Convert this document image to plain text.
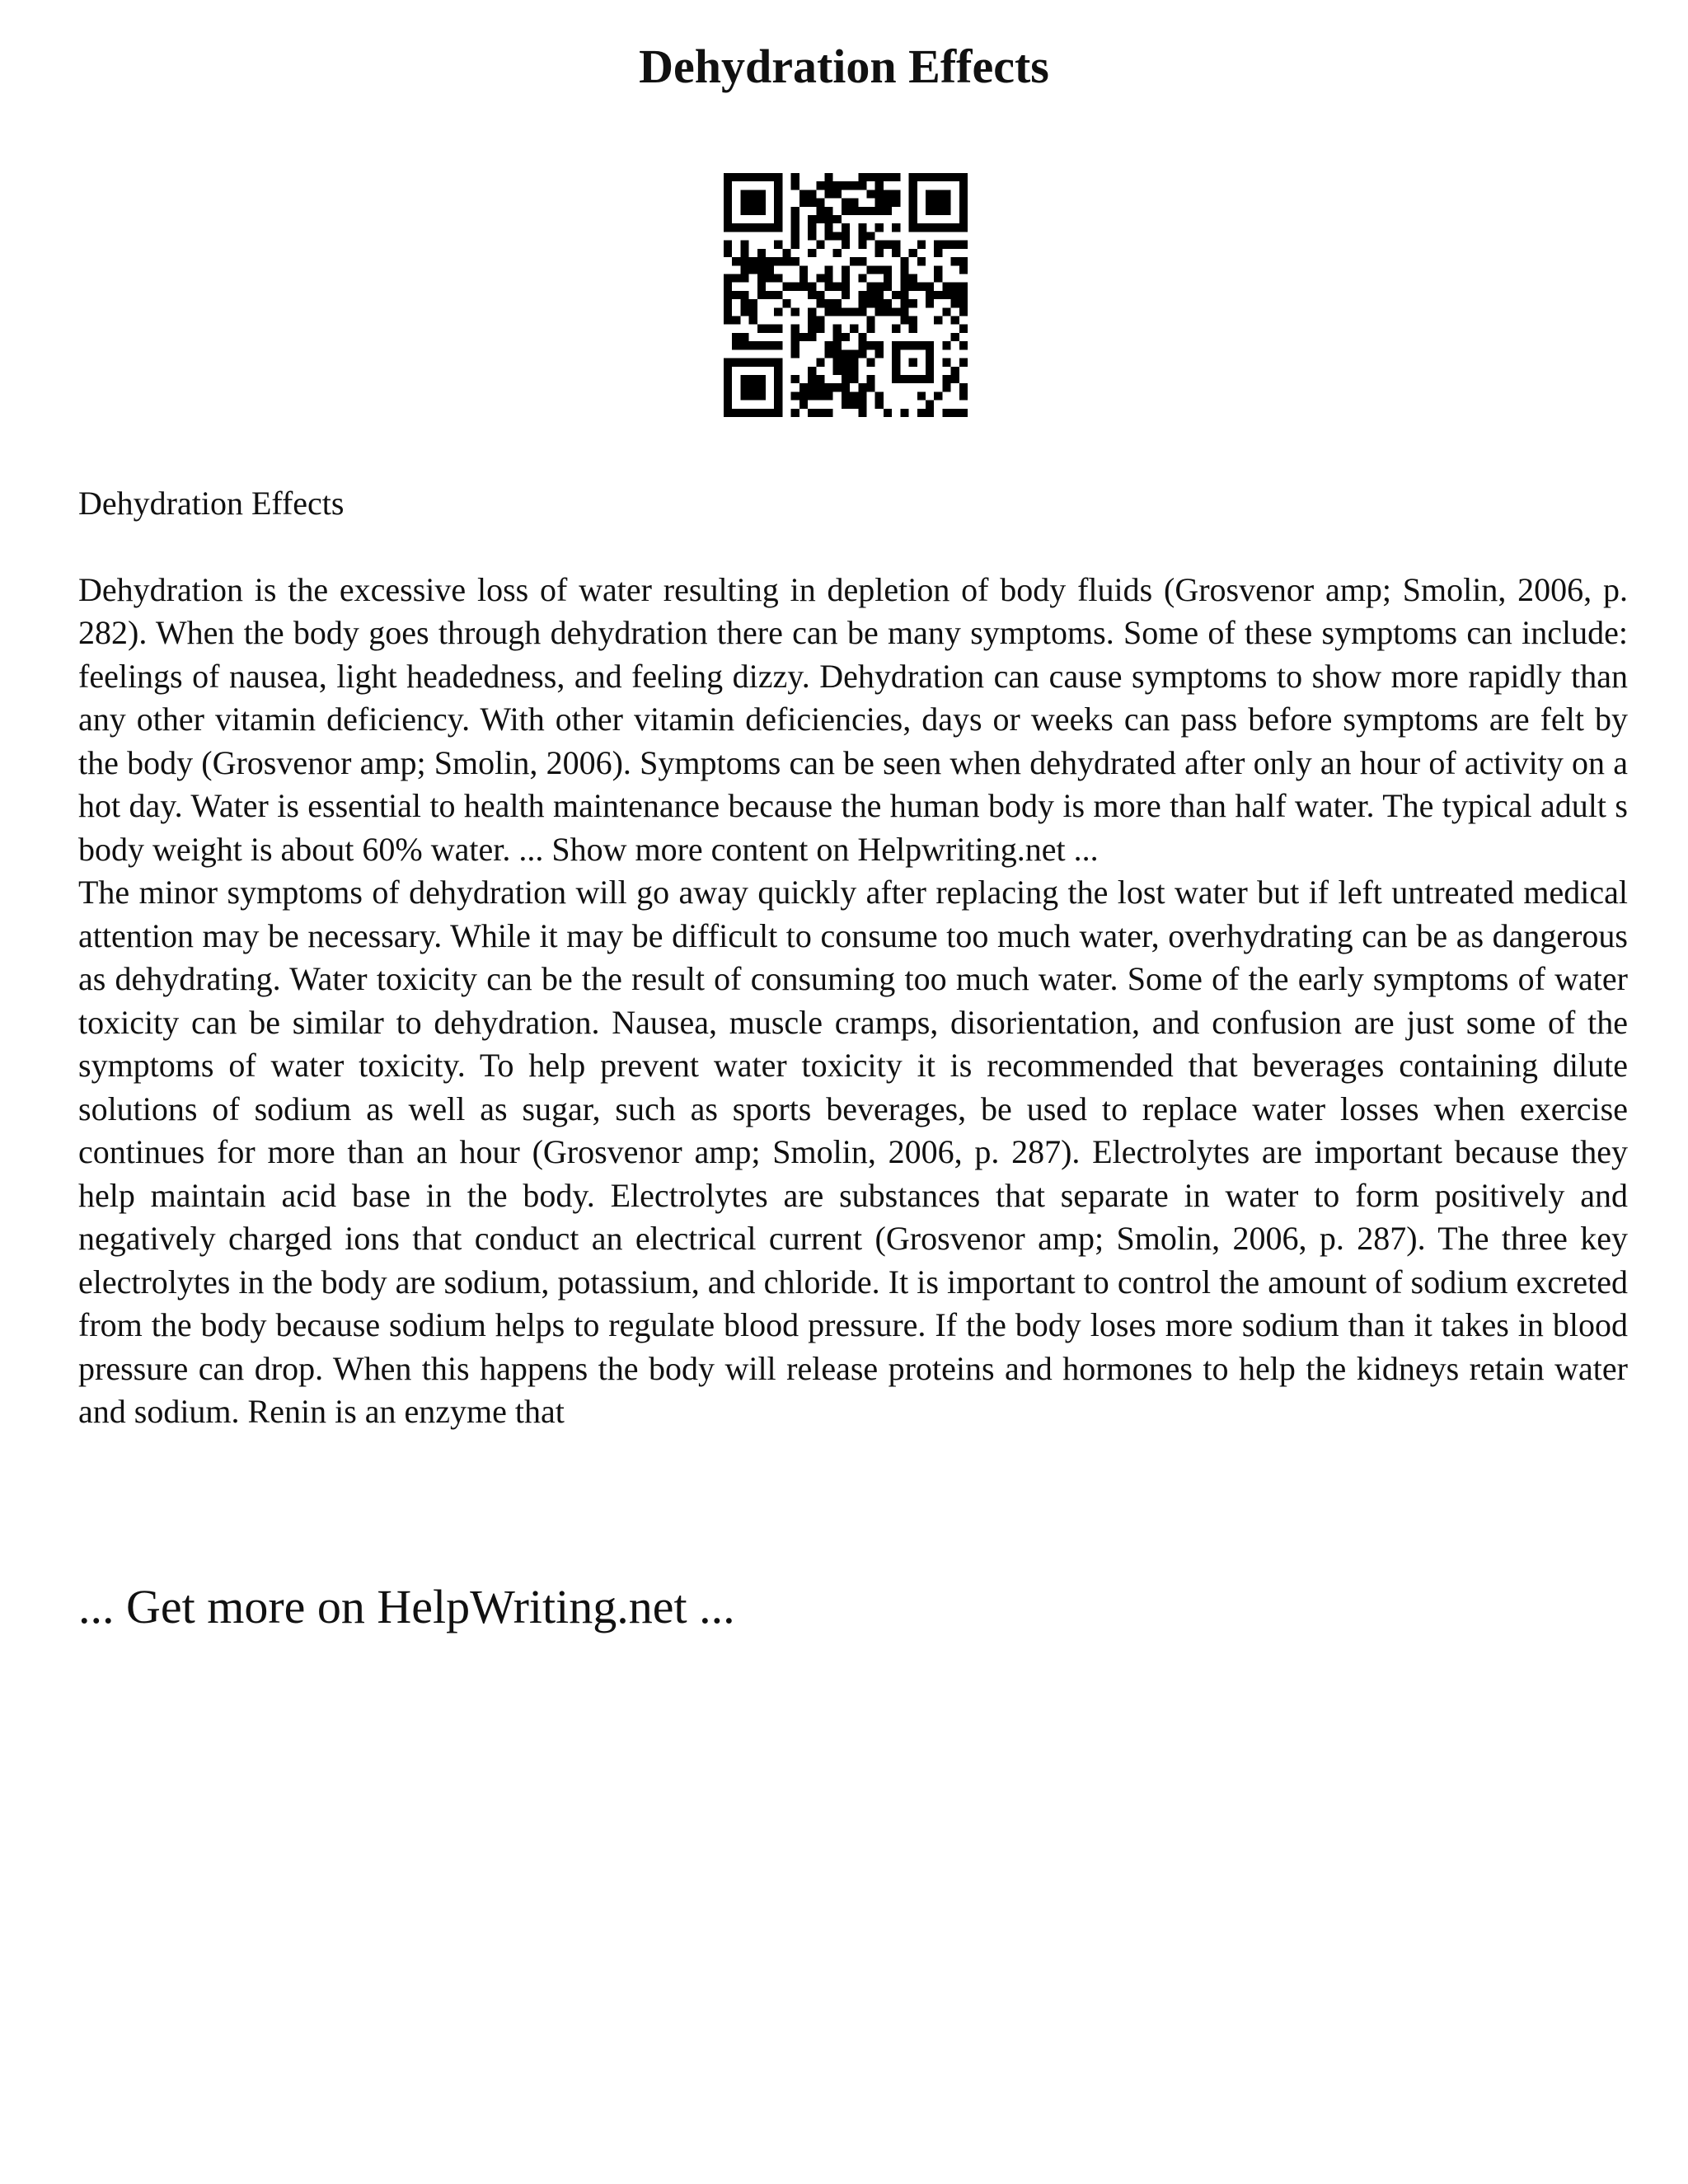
Dehydration Effects

Dehydration Effects

Dehydration is the excessive loss of water resulting in depletion of body fluids (Grosvenor amp; Smolin, 2006, p. 282). When the body goes through dehydration there can be many symptoms. Some of these symptoms can include: feelings of nausea, light headedness, and feeling dizzy. Dehydration can cause symptoms to show more rapidly than any other vitamin deficiency. With other vitamin deficiencies, days or weeks can pass before symptoms are felt by the body (Grosvenor amp; Smolin, 2006). Symptoms can be seen when dehydrated after only an hour of activity on a hot day. Water is essential to health maintenance because the human body is more than half water. The typical adult s body weight is about 60% water. ... Show more content on Helpwriting.net ...

The minor symptoms of dehydration will go away quickly after replacing the lost water but if left untreated medical attention may be necessary. While it may be difficult to consume too much water, overhydrating can be as dangerous as dehydrating. Water toxicity can be the result of consuming too much water. Some of the early symptoms of water toxicity can be similar to dehydration. Nausea, muscle cramps, disorientation, and confusion are just some of the symptoms of water toxicity. To help prevent water toxicity it is recommended that beverages containing dilute solutions of sodium as well as sugar, such as sports beverages, be used to replace water losses when exercise continues for more than an hour (Grosvenor amp; Smolin, 2006, p. 287). Electrolytes are important because they help maintain acid base in the body. Electrolytes are substances that separate in water to form positively and negatively charged ions that conduct an electrical current (Grosvenor amp; Smolin, 2006, p. 287). The three key electrolytes in the body are sodium, potassium, and chloride. It is important to control the amount of sodium excreted from the body because sodium helps to regulate blood pressure. If the body loses more sodium than it takes in blood pressure can drop. When this happens the body will release proteins and hormones to help the kidneys retain water and sodium. Renin is an enzyme that

... Get more on HelpWriting.net ...
